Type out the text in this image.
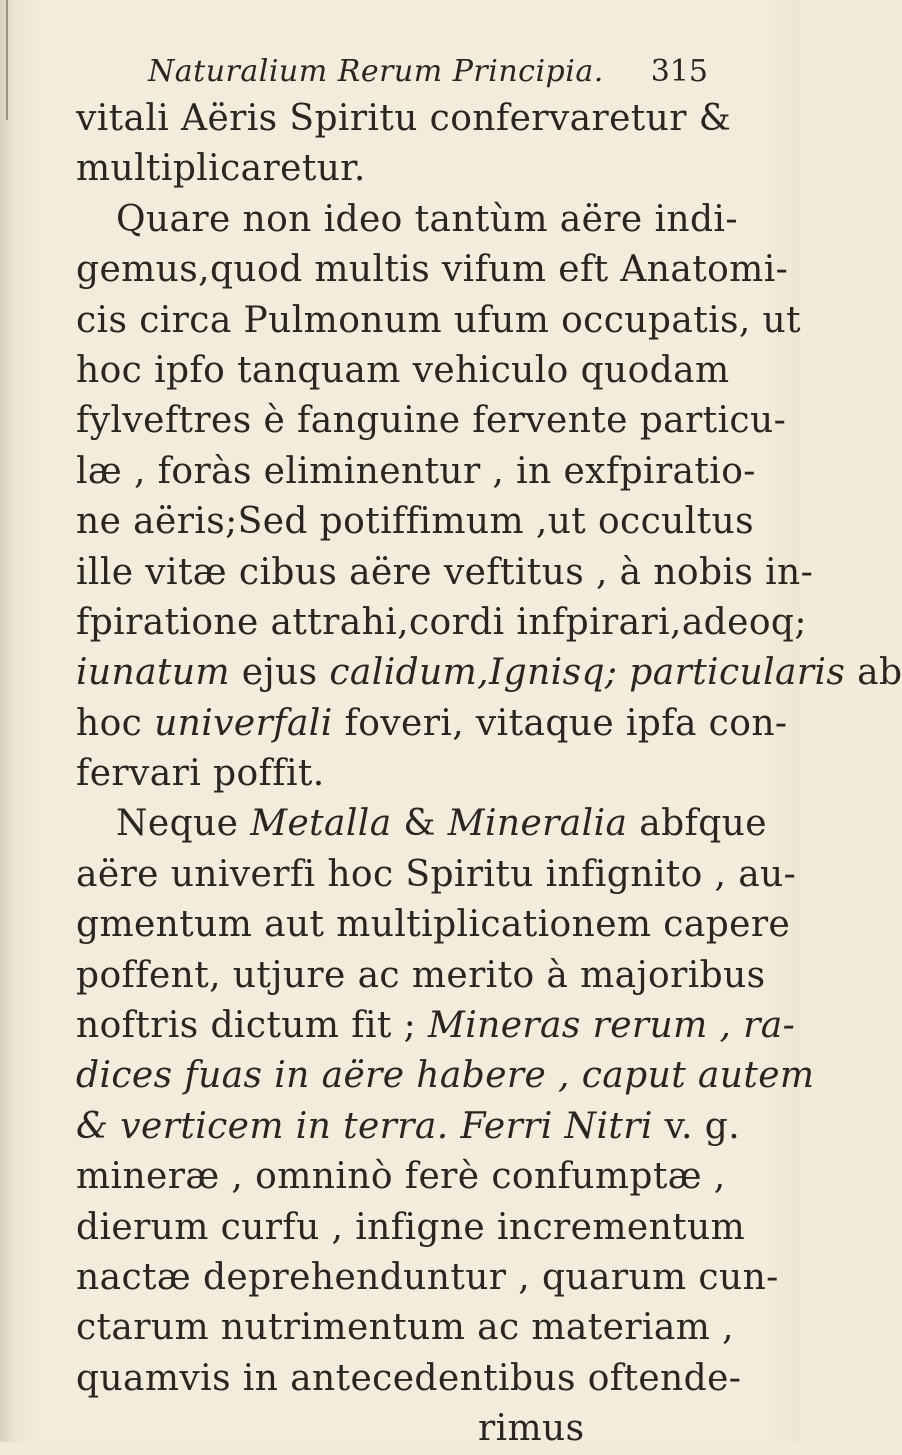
Naturalium Rerum Principia. 315
vitali Aëris Spiritu confervaretur &
multiplicaretur.
Quare non ideo tantùm aëre indi-
gemus,quod multis vifum eft Anatomi-
cis circa Pulmonum ufum occupatis, ut
hoc ipfo tanquam vehiculo quodam
fylveftres è fanguine fervente particu-
læ , foràs eliminentur , in exfpiratio-
ne aëris;Sed potiffimum ,ut occultus
ille vitæ cibus aëre veftitus , à nobis in-
fpiratione attrahi,cordi infpirari,adeoq;
iunatum ejus calidum,Ignisq; particularis ab
hoc univerfali foveri, vitaque ipfa con-
fervari poffit.
Neque Metalla & Mineralia abfque
aëre univerfi hoc Spiritu infignito , au-
gmentum aut multiplicationem capere
poffent, utjure ac merito à majoribus
noftris dictum fit ; Mineras rerum , ra-
dices fuas in aëre habere , caput autem
& verticem in terra. Ferri Nitri v. g.
mineræ , omninò ferè confumptæ ,
dierum curfu , infigne incrementum
nactæ deprehenduntur , quarum cun-
ctarum nutrimentum ac materiam ,
quamvis in antecedentibus oftende-
rimus
